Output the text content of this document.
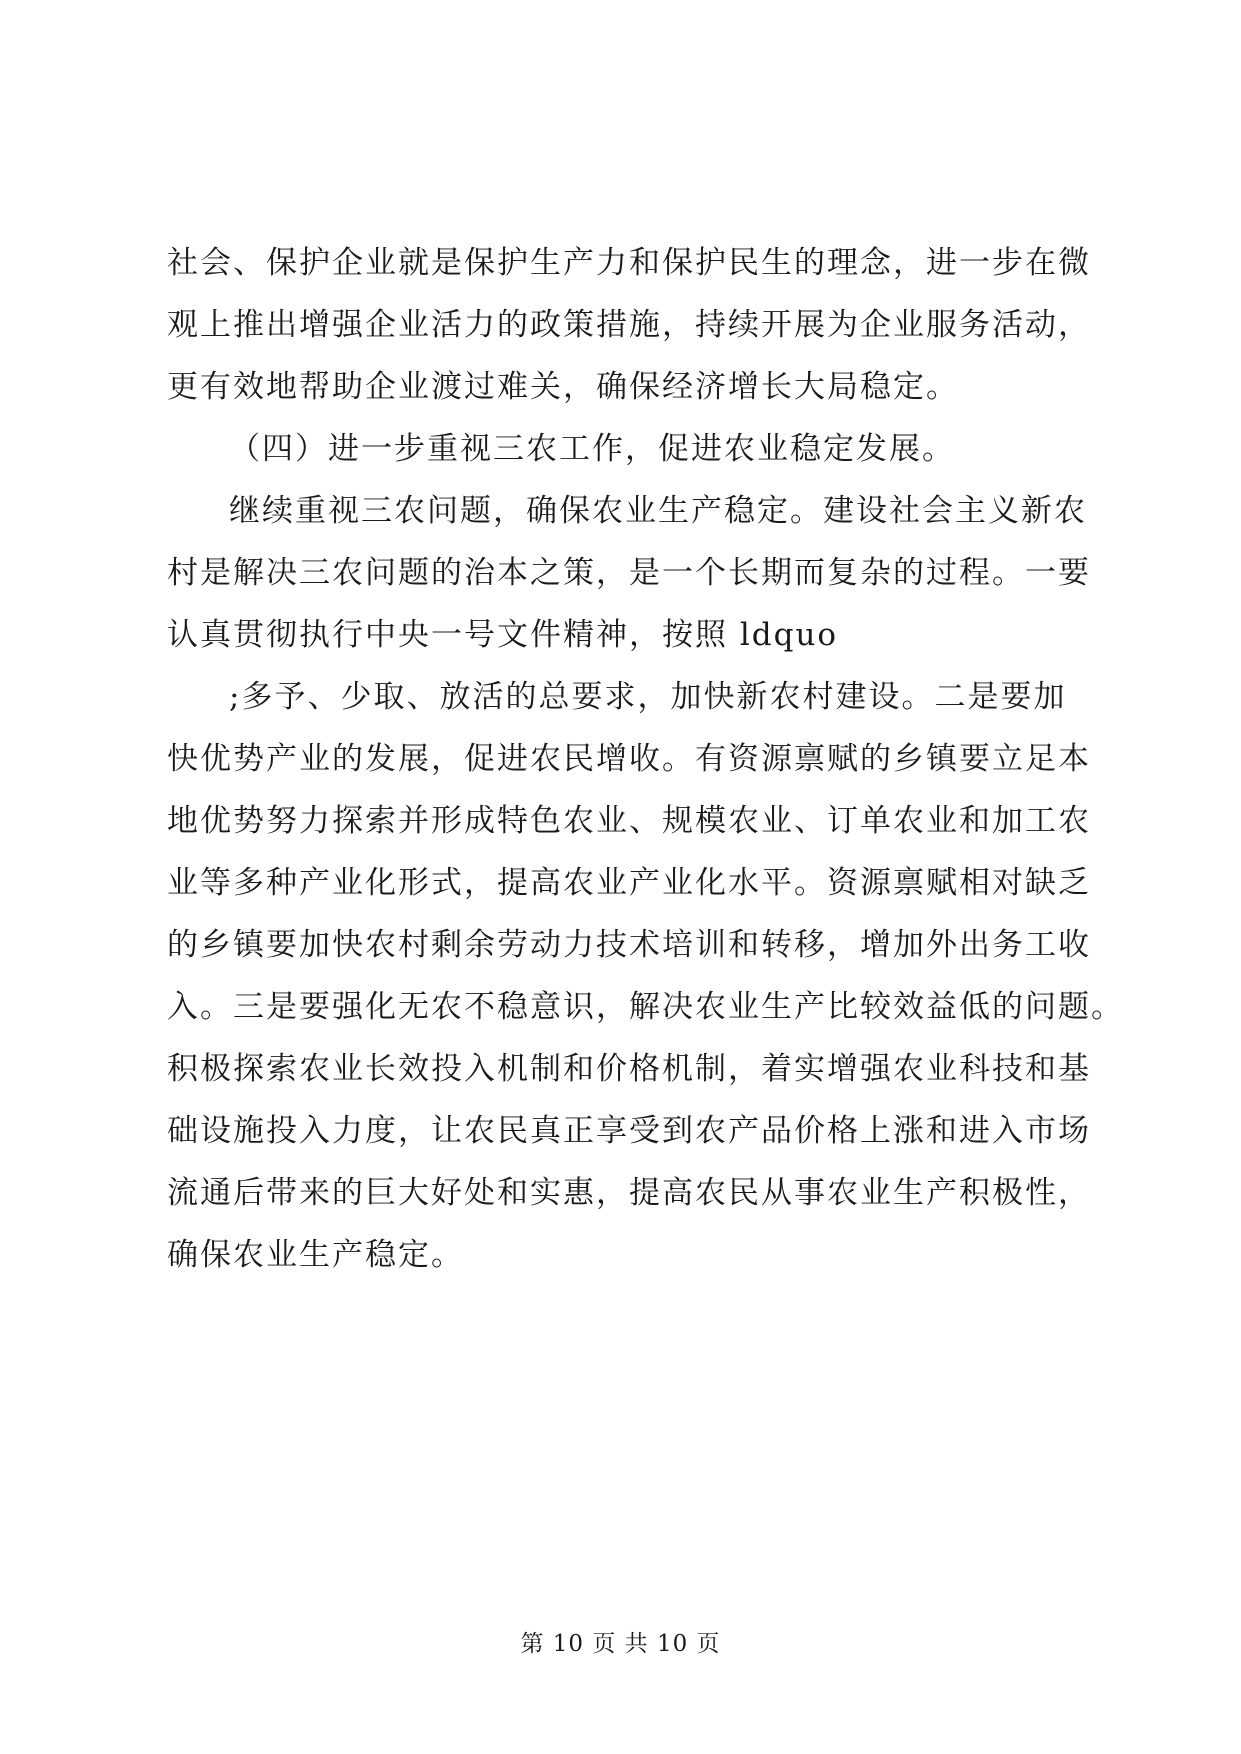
社会、保护企业就是保护生产力和保护民生的理念，进一步在微
观上推出增强企业活力的政策措施，持续开展为企业服务活动，
更有效地帮助企业渡过难关，确保经济增长大局稳定。
（四）进一步重视三农工作，促进农业稳定发展。
继续重视三农问题，确保农业生产稳定。建设社会主义新农
村是解决三农问题的治本之策，是一个长期而复杂的过程。一要
认真贯彻执行中央一号文件精神，按照 ldquo
;多予、少取、放活的总要求，加快新农村建设。二是要加
快优势产业的发展，促进农民增收。有资源禀赋的乡镇要立足本
地优势努力探索并形成特色农业、规模农业、订单农业和加工农
业等多种产业化形式，提高农业产业化水平。资源禀赋相对缺乏
的乡镇要加快农村剩余劳动力技术培训和转移，增加外出务工收
入。三是要强化无农不稳意识，解决农业生产比较效益低的问题。
积极探索农业长效投入机制和价格机制，着实增强农业科技和基
础设施投入力度，让农民真正享受到农产品价格上涨和进入市场
流通后带来的巨大好处和实惠，提高农民从事农业生产积极性，
确保农业生产稳定。
第 10 页 共 10 页
